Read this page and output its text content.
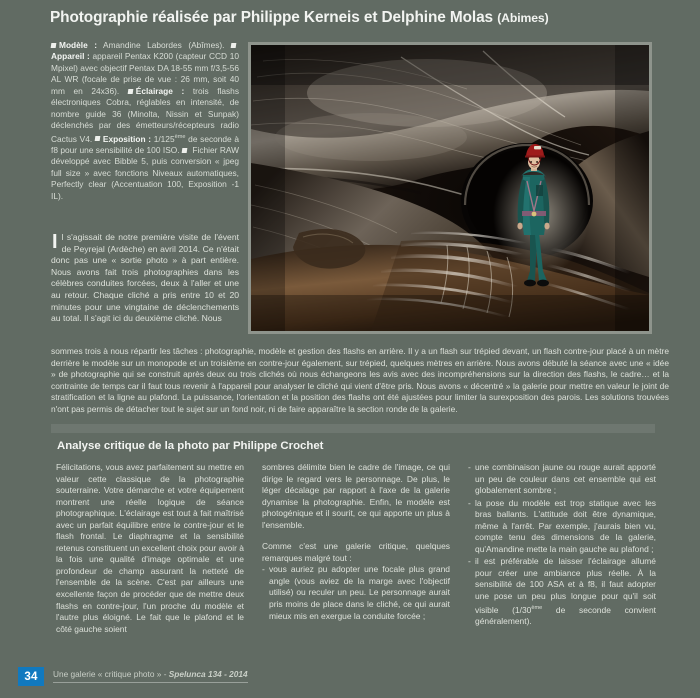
Photographie réalisée par Philippe Kerneis et Delphine Molas (Abimes)
Modèle : Amandine Labordes (Abîmes). Appareil : appareil Pentax K200 (capteur CCD 10 Mpixel) avec objectif Pentax DA 18-55 mm f/3,5-56 AL WR (focale de prise de vue : 26 mm, soit 40 mm en 24x36). Éclairage : trois flashs électroniques Cobra, réglables en intensité, de nombre guide 36 (Minolta, Nissin et Sunpak) déclenchés par des émetteurs/récepteurs radio Cactus V4. Exposition : 1/125ème de seconde à f8 pour une sensibilité de 100 ISO.  Fichier RAW développé avec Bibble 5, puis conversion « jpeg full size » avec fonctions Niveaux automatiques, Perfectly clear (Accentuation 100, Exposition -1 IL).
Il s'agissait de notre première visite de l'évent de Peyrejal (Ardèche) en avril 2014. Ce n'était donc pas une « sortie photo » à part entière. Nous avons fait trois photographies dans les célèbres conduites forcées, deux à l'aller et une au retour. Chaque cliché a pris entre 10 et 20 minutes pour une vingtaine de déclenchements au total. Il s'agit ici du deuxième cliché. Nous
sommes trois à nous répartir les tâches : photographie, modèle et gestion des flashs en arrière. Il y a un flash sur trépied devant, un flash contre-jour placé à un mètre derrière le modèle sur un monopode et un troisième en contre-jour également, sur trépied, quelques mètres en arrière. Nous avons débuté la séance avec une « idée » de photographie qui se construit après deux ou trois clichés où nous échangeons les avis avec des incompréhensions sur la direction des flashs, le cadre… et la contrainte de temps car il faut tous revenir à l'appareil pour analyser le cliché qui vient d'être pris. Nous avons « décentré » la galerie pour mettre en valeur le joint de stratification et la ligne au plafond. La puissance, l'orientation et la position des flashs ont été ajustées pour limiter la surexposition des parois. Les solutions trouvées n'ont pas permis de détacher tout le sujet sur un fond noir, ni de faire apparaître la section ronde de la galerie.
Analyse critique de la photo par Philippe Crochet

Félicitations, vous avez parfaitement su mettre en valeur cette classique de la photographie souterraine. Votre démarche et votre équipement montrent une réelle logique de séance photographique. L'éclairage est tout à fait maîtrisé avec un parfait équilibre entre le contre-jour et le flash frontal. Le diaphragme et la sensibilité retenus constituent un excellent choix pour avoir à la fois une qualité d'image optimale et une profondeur de champ assurant la netteté de l'ensemble de la scène. C'est par ailleurs une excellente façon de procéder que de mettre deux flashs en contre-jour, l'un proche du modèle et l'autre plus éloigné. Le fait que le plafond et le côté gauche soient

sombres délimite bien le cadre de l'image, ce qui dirige le regard vers le personnage. De plus, le léger décalage par rapport à l'axe de la galerie dynamise la photographie. Enfin, le modèle est photogénique et il sourit, ce qui apporte un plus à l'ensemble.

Comme c'est une galerie critique, quelques remarques malgré tout :

- vous auriez pu adopter une focale plus grand angle (vous aviez de la marge avec l'objectif utilisé) ou reculer un peu. Le personnage aurait pris moins de place dans le cliché, ce qui aurait mieux mis en exergue la conduite forcée ;
- une combinaison jaune ou rouge aurait apporté un peu de couleur dans cet ensemble qui est globalement sombre ;
- la pose du modèle est trop statique avec les bras ballants. L'attitude doit être dynamique, même à l'arrêt. Par exemple, j'aurais bien vu, compte tenu des dimensions de la galerie, qu'Amandine mette la main gauche au plafond ;
- il est préférable de laisser l'éclairage allumé pour créer une ambiance plus réelle. À la sensibilité de 100 ASA et à f8, il faut adopter une pose un peu plus longue pour qu'il soit visible (1/30ème de seconde convient généralement).
34	Une galerie « critique photo » - Spelunca 134 - 2014
